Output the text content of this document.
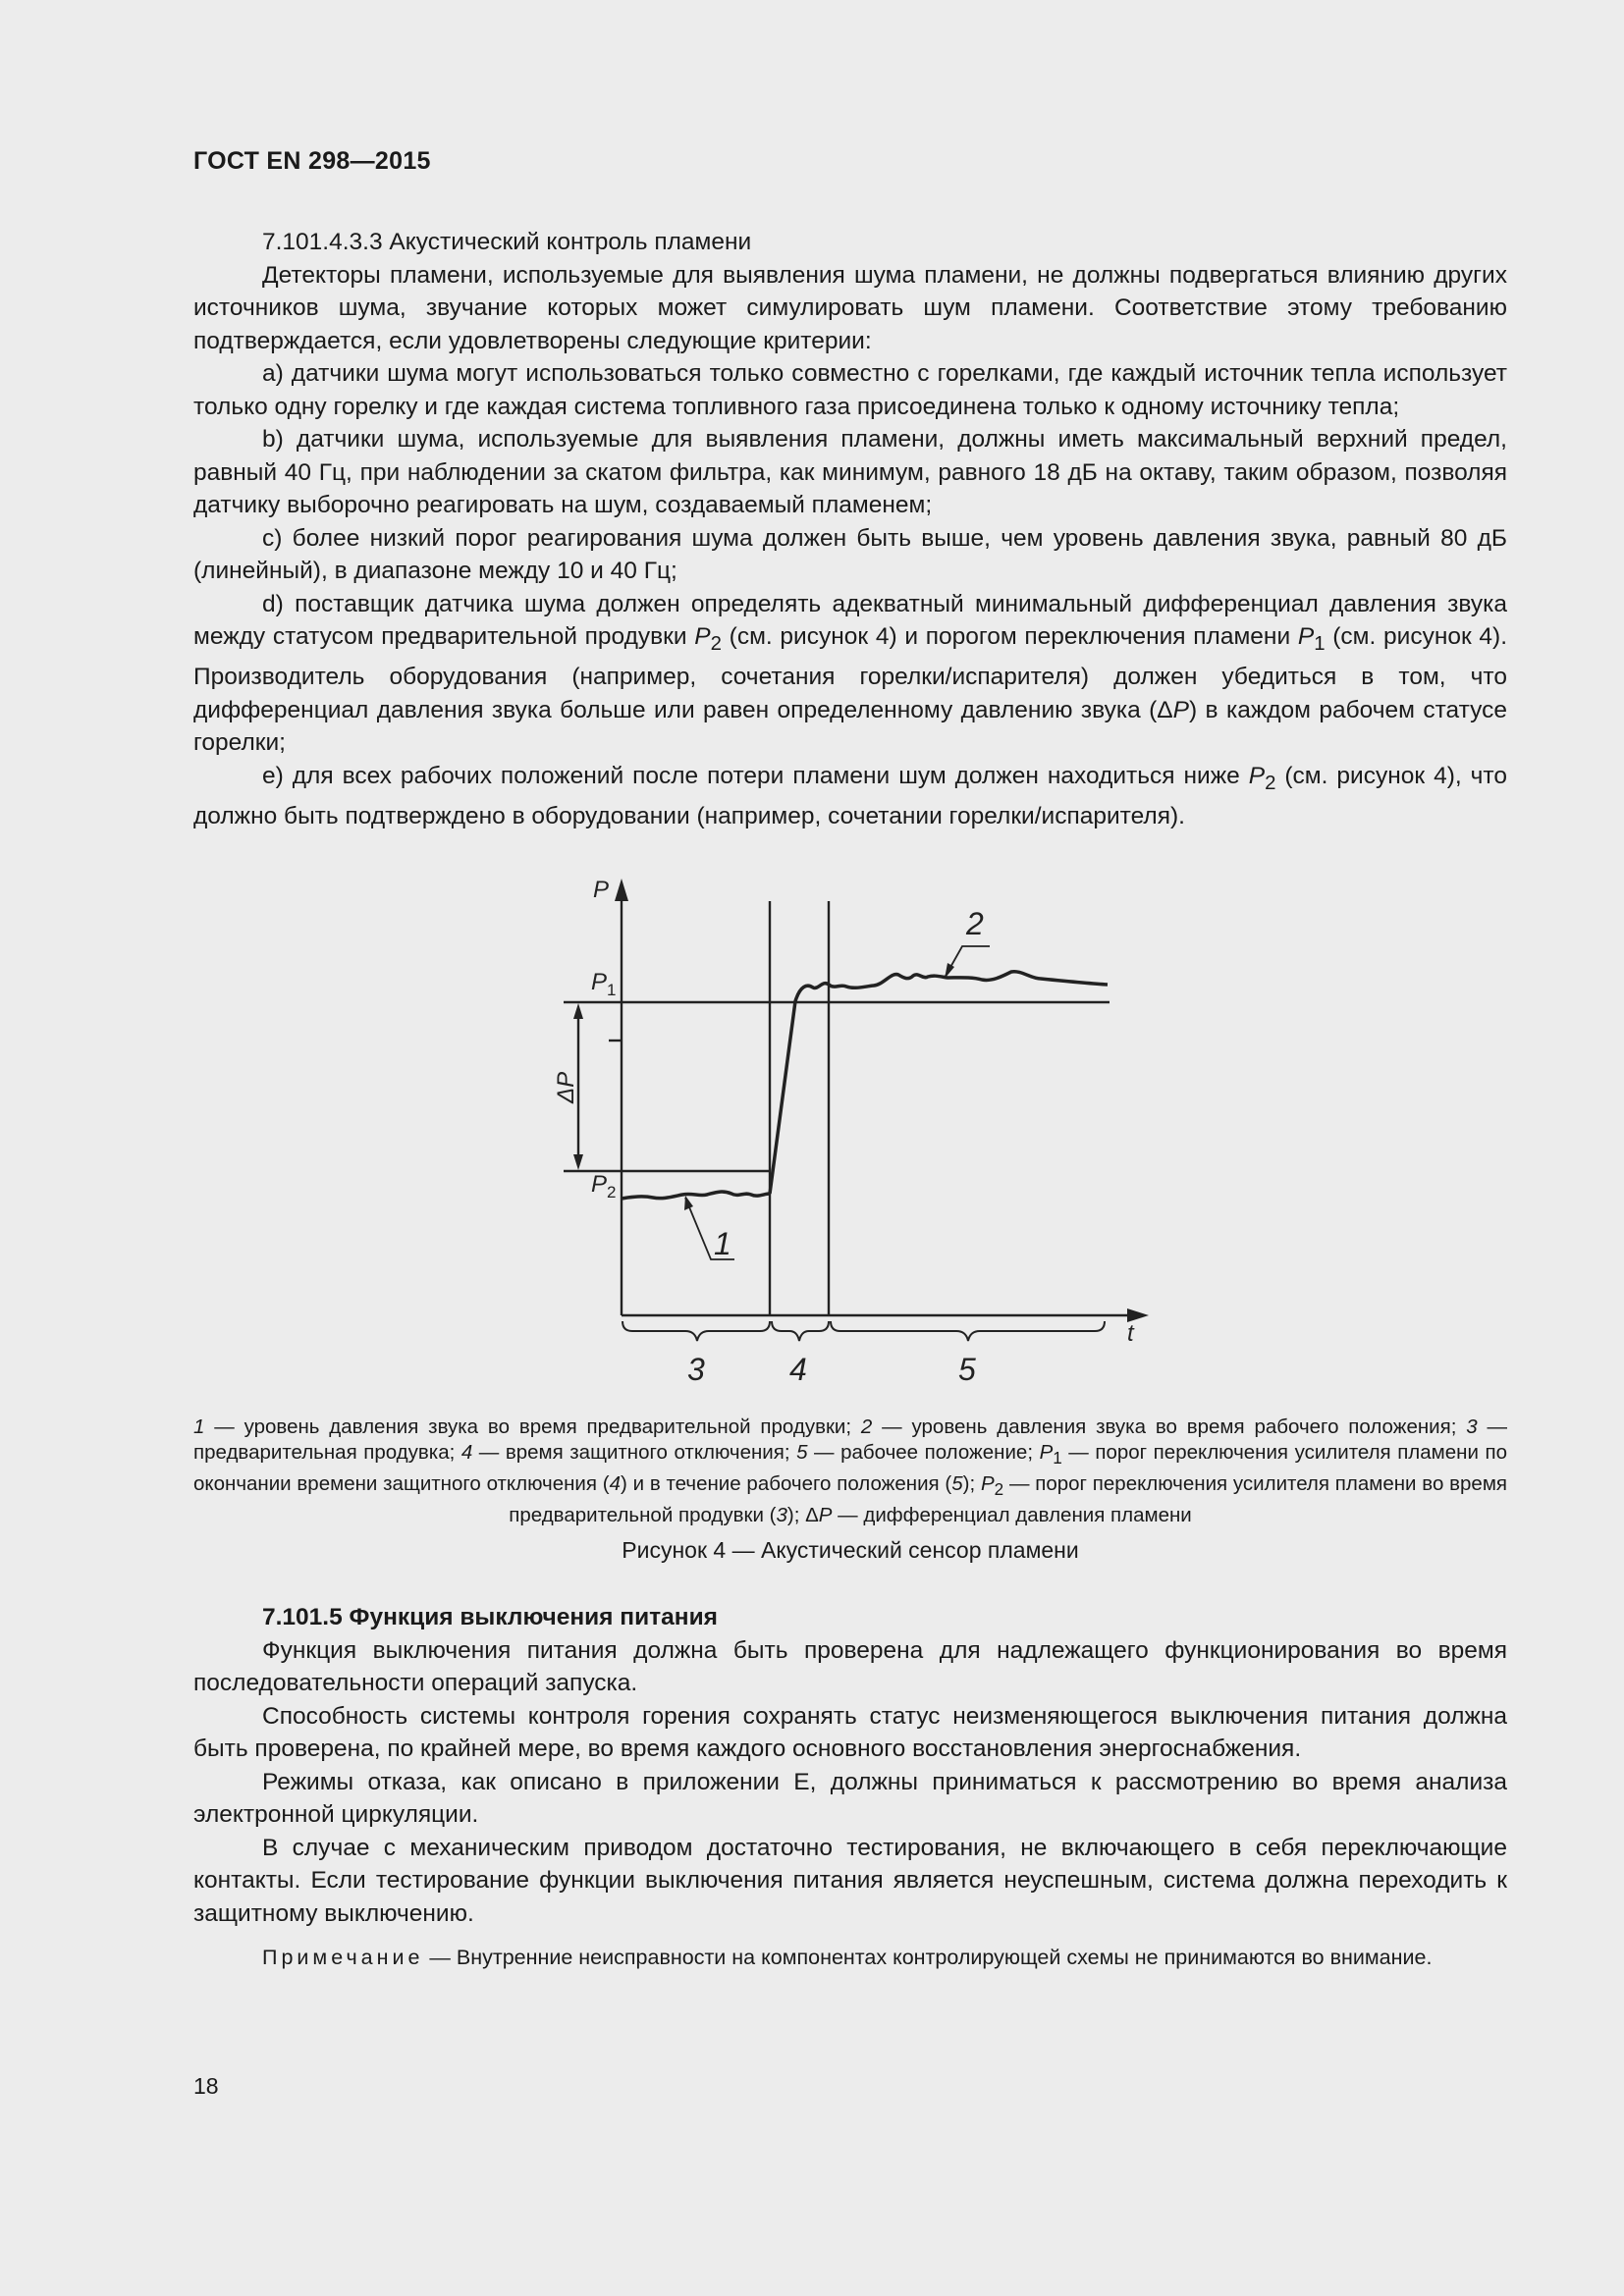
ГОСТ EN 298—2015

7.101.4.3.3 Акустический контроль пламени

Детекторы пламени, используемые для выявления шума пламени, не должны подвергаться влиянию других источников шума, звучание которых может симулировать шум пламени. Соответствие этому требованию подтверждается, если удовлетворены следующие критерии:

a) датчики шума могут использоваться только совместно с горелками, где каждый источник тепла использует только одну горелку и где каждая система топливного газа присоединена только к одному источнику тепла;

b) датчики шума, используемые для выявления пламени, должны иметь максимальный верхний предел, равный 40 Гц, при наблюдении за скатом фильтра, как минимум, равного 18 дБ на октаву, таким образом, позволяя датчику выборочно реагировать на шум, создаваемый пламенем;

c) более низкий порог реагирования шума должен быть выше, чем уровень давления звука, равный 80 дБ (линейный), в диапазоне между 10 и 40 Гц;

d) поставщик датчика шума должен определять адекватный минимальный дифференциал давления звука между статусом предварительной продувки $P_2$ (см. рисунок 4) и порогом переключения пламени $P_1$ (см. рисунок 4). Производитель оборудования (например, сочетания горелки/испарителя) должен убедиться в том, что дифференциал давления звука больше или равен определенному давлению звука (ΔP) в каждом рабочем статусе горелки;

e) для всех рабочих положений после потери пламени шум должен находиться ниже $P_2$ (см. рисунок 4), что должно быть подтверждено в оборудовании (например, сочетании горелки/испарителя).

P
t
$P_1$
$P_2$
ΔP
1
2
3	4	5
1 — уровень давления звука во время предварительной продувки; 2 — уровень давления звука во время рабочего положения; 3 — предварительная продувка; 4 — время защитного отключения; 5 — рабочее положение; $P_1$ — порог переключения усилителя пламени по окончании времени защитного отключения (4) и в течение рабочего положения (5); $P_2$ — порог переключения усилителя пламени во время предварительной продувки (3); ΔP — дифференциал давления пламени
Рисунок 4 — Акустический сенсор пламени

7.101.5 Функция выключения питания

Функция выключения питания должна быть проверена для надлежащего функционирования во время последовательности операций запуска.

Способность системы контроля горения сохранять статус неизменяющегося выключения питания должна быть проверена, по крайней мере, во время каждого основного восстановления энергоснабжения.

Режимы отказа, как описано в приложении E, должны приниматься к рассмотрению во время анализа электронной циркуляции.

В случае с механическим приводом достаточно тестирования, не включающего в себя переключающие контакты. Если тестирование функции выключения питания является неуспешным, система должна переходить к защитному выключению.

Примечание — Внутренние неисправности на компонентах контролирующей схемы не принимаются во внимание.
18
